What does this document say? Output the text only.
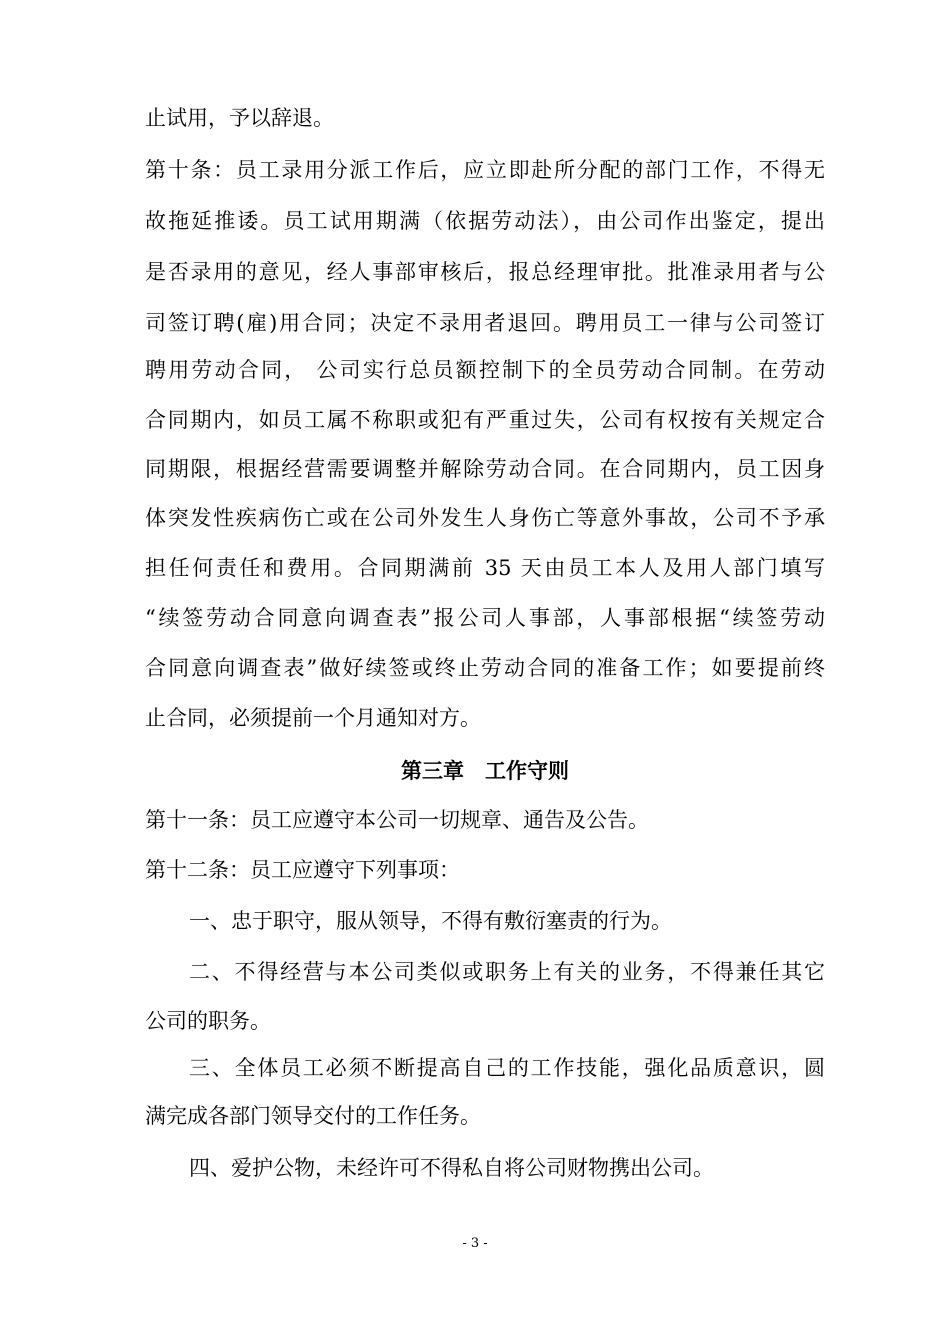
止试用，予以辞退。
第十条：员工录用分派工作后，应立即赴所分配的部门工作，不得无
故拖延推诿。员工试用期满（依据劳动法），由公司作出鉴定，提出
是否录用的意见，经人事部审核后，报总经理审批。批准录用者与公
司签订聘(雇)用合同；决定不录用者退回。聘用员工一律与公司签订
聘用劳动合同， 公司实行总员额控制下的全员劳动合同制。在劳动
合同期内，如员工属不称职或犯有严重过失，公司有权按有关规定合
同期限，根据经营需要调整并解除劳动合同。在合同期内，员工因身
体突发性疾病伤亡或在公司外发生人身伤亡等意外事故，公司不予承
担任何责任和费用。合同期满前 35 天由员工本人及用人部门填写
“续签劳动合同意向调查表”报公司人事部，人事部根据“续签劳动
合同意向调查表”做好续签或终止劳动合同的准备工作；如要提前终
止合同，必须提前一个月通知对方。
第三章　工作守则
第十一条：员工应遵守本公司一切规章、通告及公告。
第十二条：员工应遵守下列事项：
一、忠于职守，服从领导，不得有敷衍塞责的行为。
二、不得经营与本公司类似或职务上有关的业务，不得兼任其它
公司的职务。
三、全体员工必须不断提高自己的工作技能，强化品质意识，圆
满完成各部门领导交付的工作任务。
四、爱护公物，未经许可不得私自将公司财物携出公司。
- 3 -
